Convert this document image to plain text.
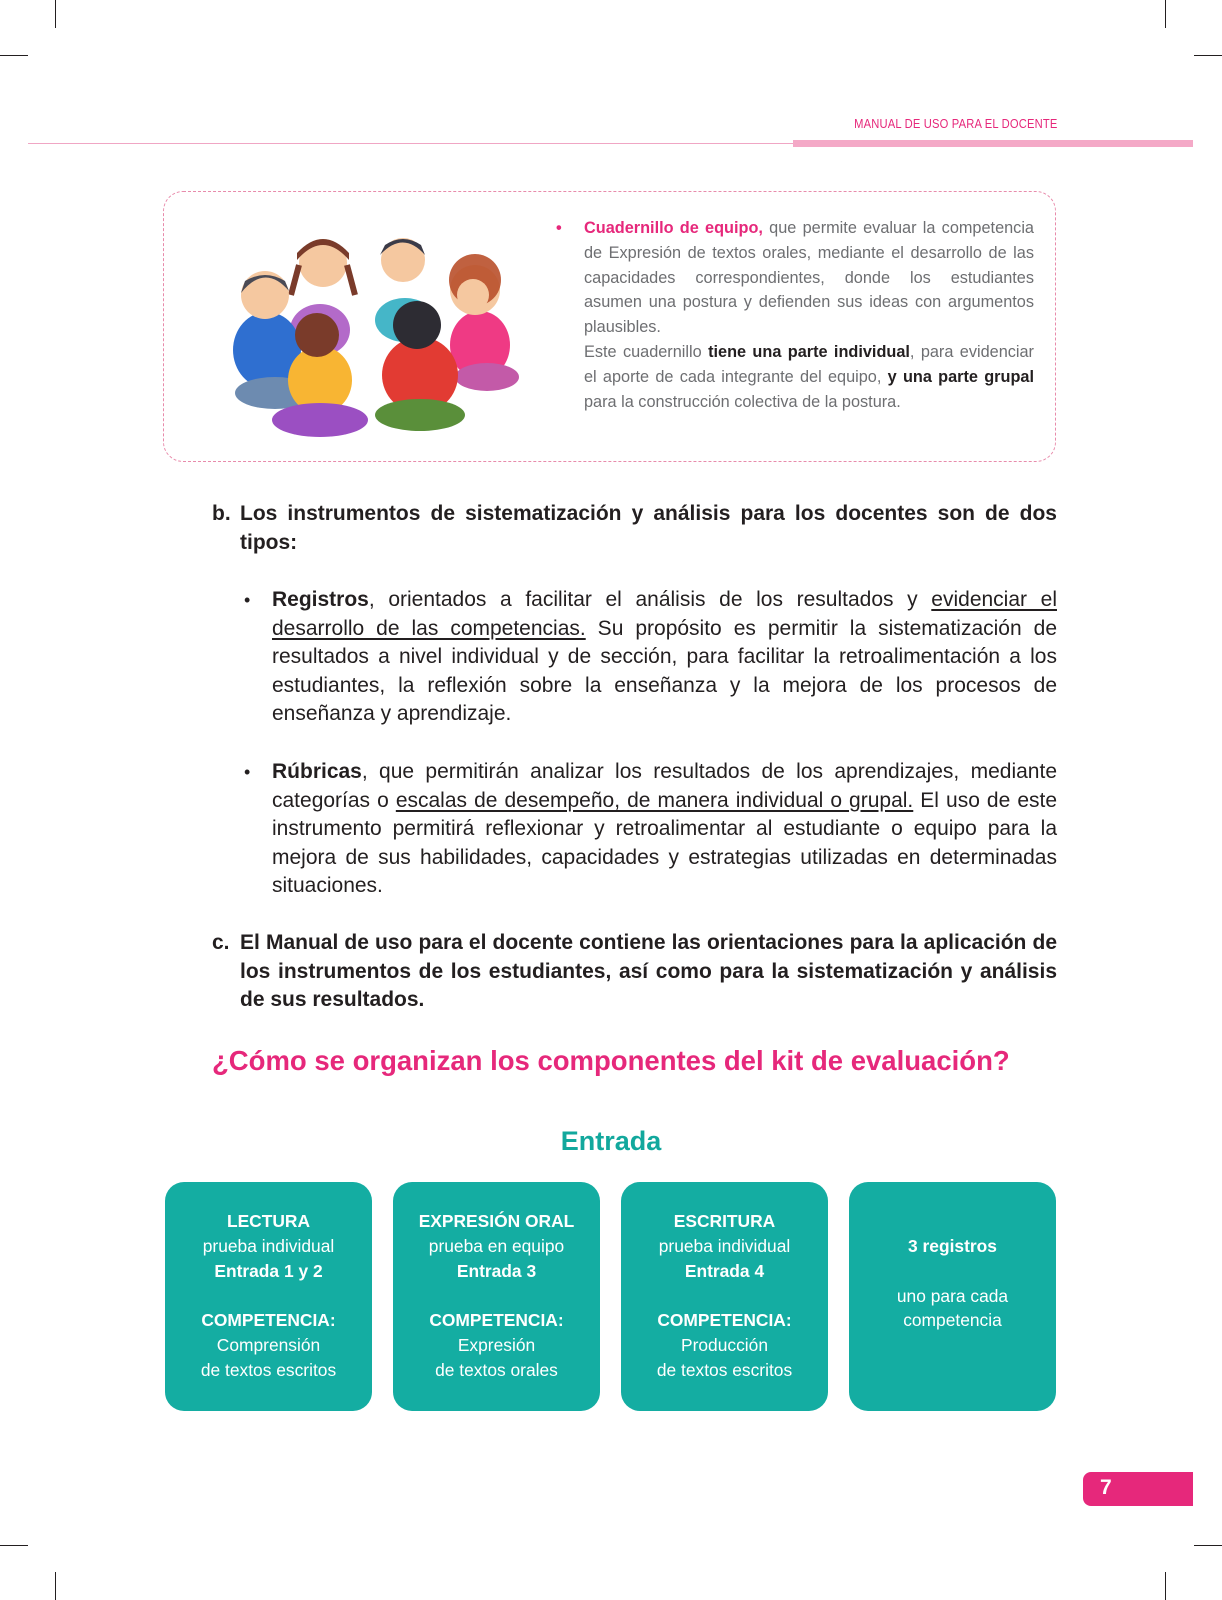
MANUAL DE USO PARA EL DOCENTE
• Cuadernillo de equipo, que permite evaluar la competencia de Expresión de textos orales, mediante el desarrollo de las capacidades correspondientes, donde los estudiantes asumen una postura y defienden sus ideas con argumentos plausibles.
Este cuadernillo tiene una parte individual, para evidenciar el aporte de cada integrante del equipo, y una parte grupal para la construcción colectiva de la postura.
b. Los instrumentos de sistematización y análisis para los docentes son de dos tipos:
• Registros, orientados a facilitar el análisis de los resultados y evidenciar el desarrollo de las competencias. Su propósito es permitir la sistematización de resultados a nivel individual y de sección, para facilitar la retroalimentación a los estudiantes, la reflexión sobre la enseñanza y la mejora de los procesos de enseñanza y aprendizaje.
• Rúbricas, que permitirán analizar los resultados de los aprendizajes, mediante categorías o escalas de desempeño, de manera individual o grupal. El uso de este instrumento permitirá reflexionar y retroalimentar al estudiante o equipo para la mejora de sus habilidades, capacidades y estrategias utilizadas en determinadas situaciones.
c. El Manual de uso para el docente contiene las orientaciones para la aplicación de los instrumentos de los estudiantes, así como para la sistematización y análisis de sus resultados.
¿Cómo se organizan los componentes del kit de evaluación?
Entrada
LECTURA
prueba individual
Entrada 1 y 2
COMPETENCIA:
Comprensión
de textos escritos
EXPRESIÓN ORAL
prueba en equipo
Entrada 3
COMPETENCIA:
Expresión
de textos orales
ESCRITURA
prueba individual
Entrada 4
COMPETENCIA:
Producción
de textos escritos
3 registros
uno para cada
competencia
7
